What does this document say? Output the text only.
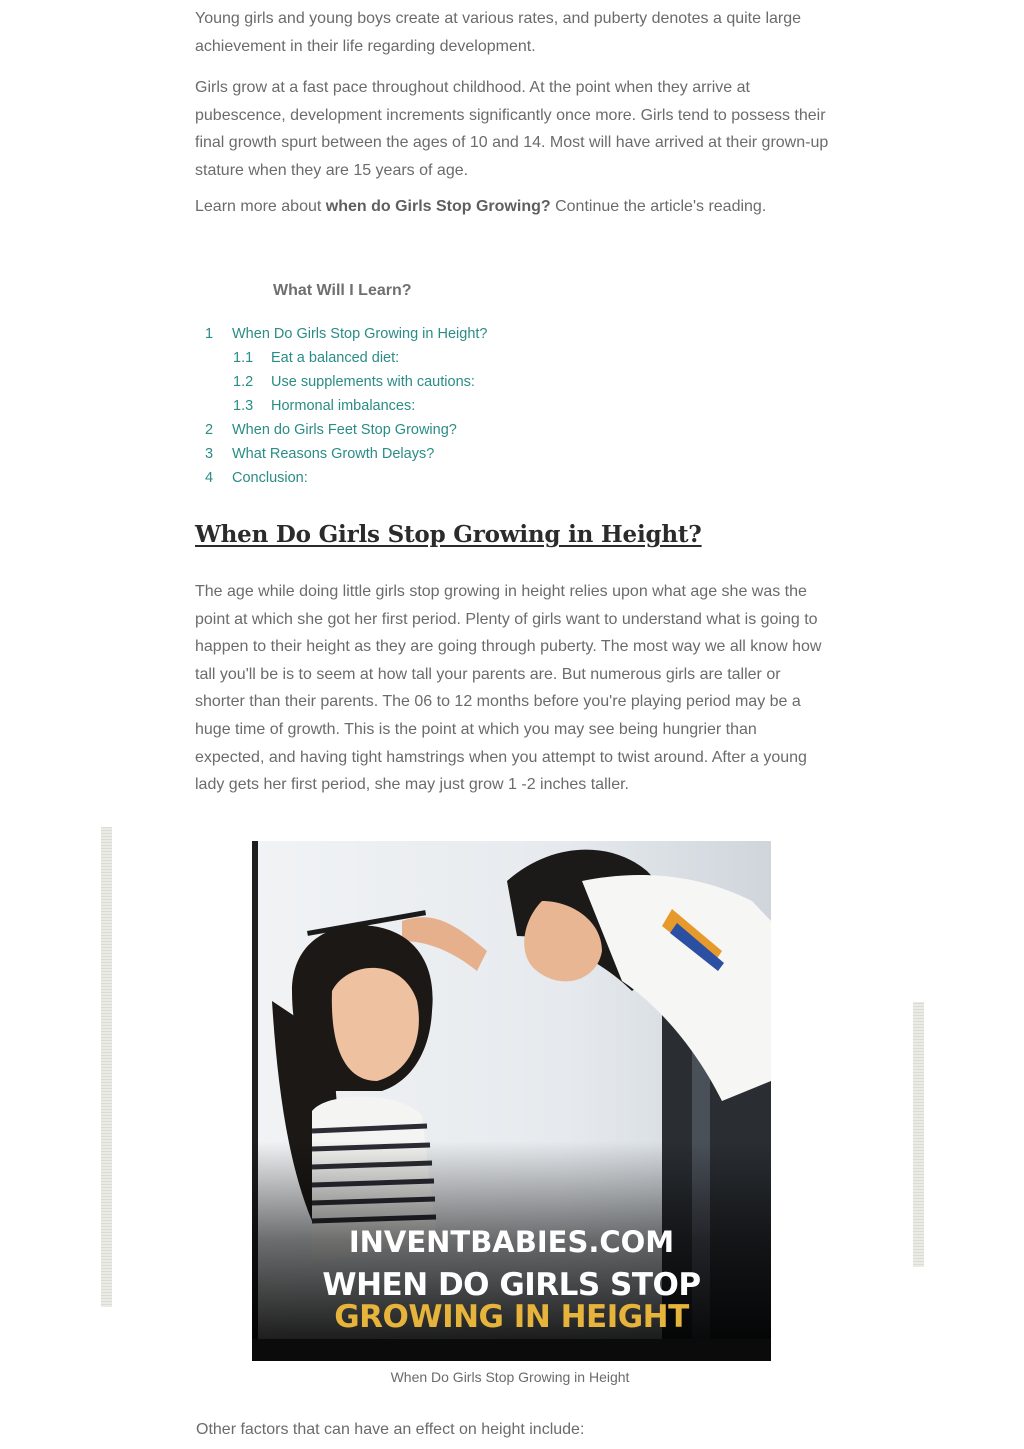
Young girls and young boys create at various rates, and puberty denotes a quite large achievement in their life regarding development.

Girls grow at a fast pace throughout childhood. At the point when they arrive at pubescence, development increments significantly once more. Girls tend to possess their final growth spurt between the ages of 10 and 14. Most will have arrived at their grown-up stature when they are 15 years of age.

Learn more about when do Girls Stop Growing? Continue the article's reading.

What Will I Learn?
1 When Do Girls Stop Growing in Height?
1.1 Eat a balanced diet:
1.2 Use supplements with cautions:
1.3 Hormonal imbalances:
2 When do Girls Feet Stop Growing?
3 What Reasons Growth Delays?
4 Conclusion:
When Do Girls Stop Growing in Height?

The age while doing little girls stop growing in height relies upon what age she was the point at which she got her first period. Plenty of girls want to understand what is going to happen to their height as they are going through puberty. The most way we all know how tall you'll be is to seem at how tall your parents are. But numerous girls are taller or shorter than their parents. The 06 to 12 months before you're playing period may be a huge time of growth. This is the point at which you may see being hungrier than expected, and having tight hamstrings when you attempt to twist around. After a young lady gets her first period, she may just grow 1 -2 inches taller.

INVENTBABIES.COM
WHEN DO GIRLS STOP
GROWING IN HEIGHT
When Do Girls Stop Growing in Height

Other factors that can have an effect on height include:
